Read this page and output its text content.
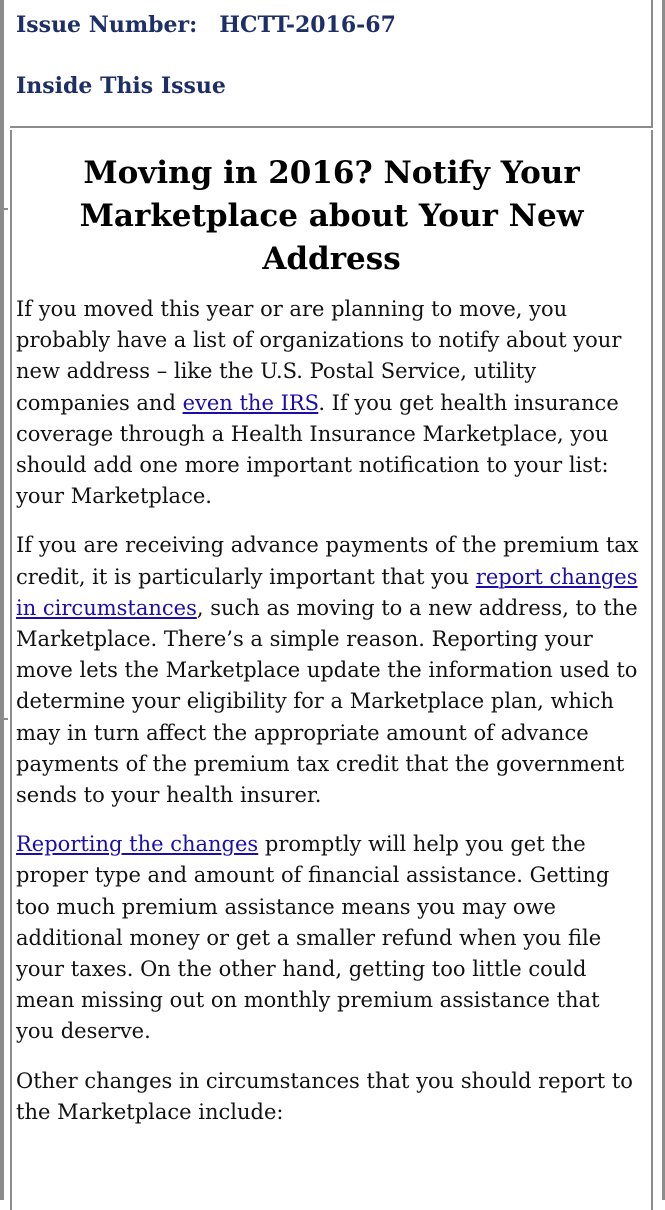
Issue Number: HCTT-2016-67
Inside This Issue
Moving in 2016? Notify Your Marketplace about Your New Address

If you moved this year or are planning to move, you probably have a list of organizations to notify about your new address – like the U.S. Postal Service, utility companies and even the IRS. If you get health insurance coverage through a Health Insurance Marketplace, you should add one more important notification to your list: your Marketplace.

If you are receiving advance payments of the premium tax credit, it is particularly important that you report changes in circumstances, such as moving to a new address, to the Marketplace. There’s a simple reason. Reporting your move lets the Marketplace update the information used to determine your eligibility for a Marketplace plan, which may in turn affect the appropriate amount of advance payments of the premium tax credit that the government sends to your health insurer.

Reporting the changes promptly will help you get the proper type and amount of financial assistance. Getting too much premium assistance means you may owe additional money or get a smaller refund when you file your taxes. On the other hand, getting too little could mean missing out on monthly premium assistance that you deserve.

Other changes in circumstances that you should report to the Marketplace include:
